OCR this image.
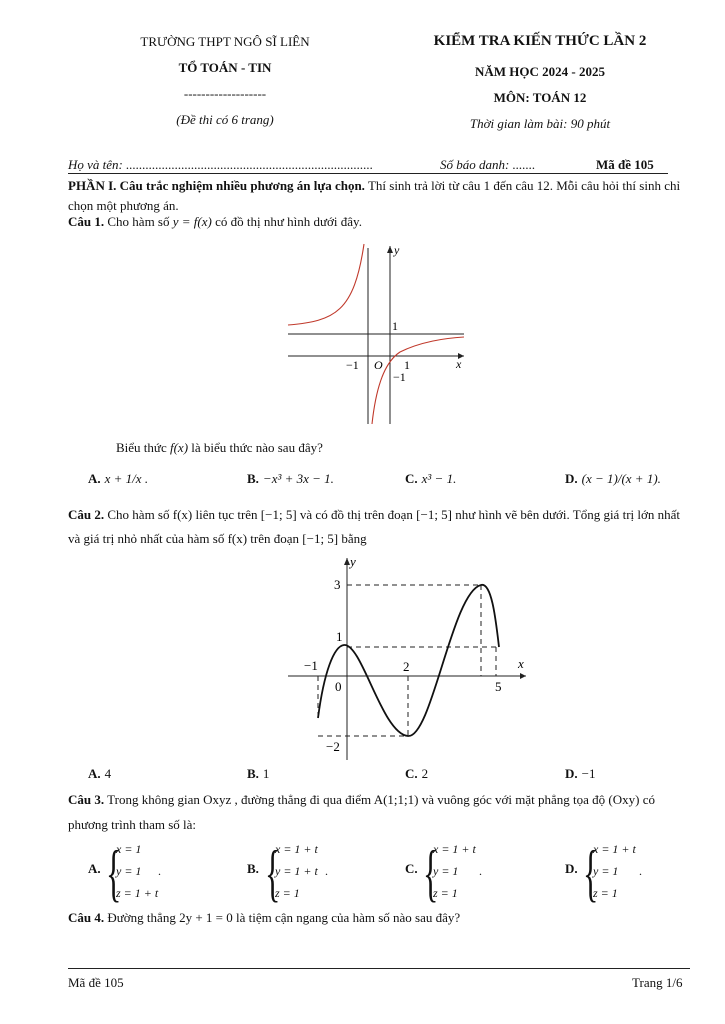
TRƯỜNG THPT NGÔ SĨ LIÊN
TỔ TOÁN - TIN
-------------------
(Đề thi có 6 trang)
KIỂM TRA KIẾN THỨC LẦN 2
NĂM HỌC 2024 - 2025
MÔN: TOÁN 12
Thời gian làm bài: 90 phút
Họ và tên: ............................................................................	Số báo danh: .......	Mã đề 105
PHẦN I. Câu trắc nghiệm nhiều phương án lựa chọn. Thí sinh trả lời từ câu 1 đến câu 12. Mỗi câu hỏi thí sinh chỉ chọn một phương án.
Câu 1. Cho hàm số y = f(x) có đồ thị như hình dưới đây.
y
x
1
−1 O 1
−1
Biểu thức f(x) là biểu thức nào sau đây?
A. x + 1/x .	B. −x³ + 3x − 1.	C. x³ − 1.	D. (x − 1)/(x + 1).
Câu 2. Cho hàm số f(x) liên tục trên [−1; 5] và có đồ thị trên đoạn [−1; 5] như hình vẽ bên dưới. Tổng giá trị lớn nhất và giá trị nhỏ nhất của hàm số f(x) trên đoạn [−1; 5] bằng
y
x
3
1
−1
0
2
5
−2
A. 4	B. 1	C. 2	D. −1
Câu 3. Trong không gian Oxyz , đường thẳng đi qua điểm A(1;1;1) và vuông góc với mặt phẳng tọa độ (Oxy) có phương trình tham số là:
A. {
x = 1
y = 1
z = 1 + t
.	B. {
x = 1 + t
y = 1 + t
z = 1
.	C. {
x = 1 + t
y = 1
z = 1
.	D. {
x = 1 + t
y = 1
z = 1
.
Câu 4. Đường thẳng 2y + 1 = 0 là tiệm cận ngang của hàm số nào sau đây?
Mã đề 105	Trang 1/6
